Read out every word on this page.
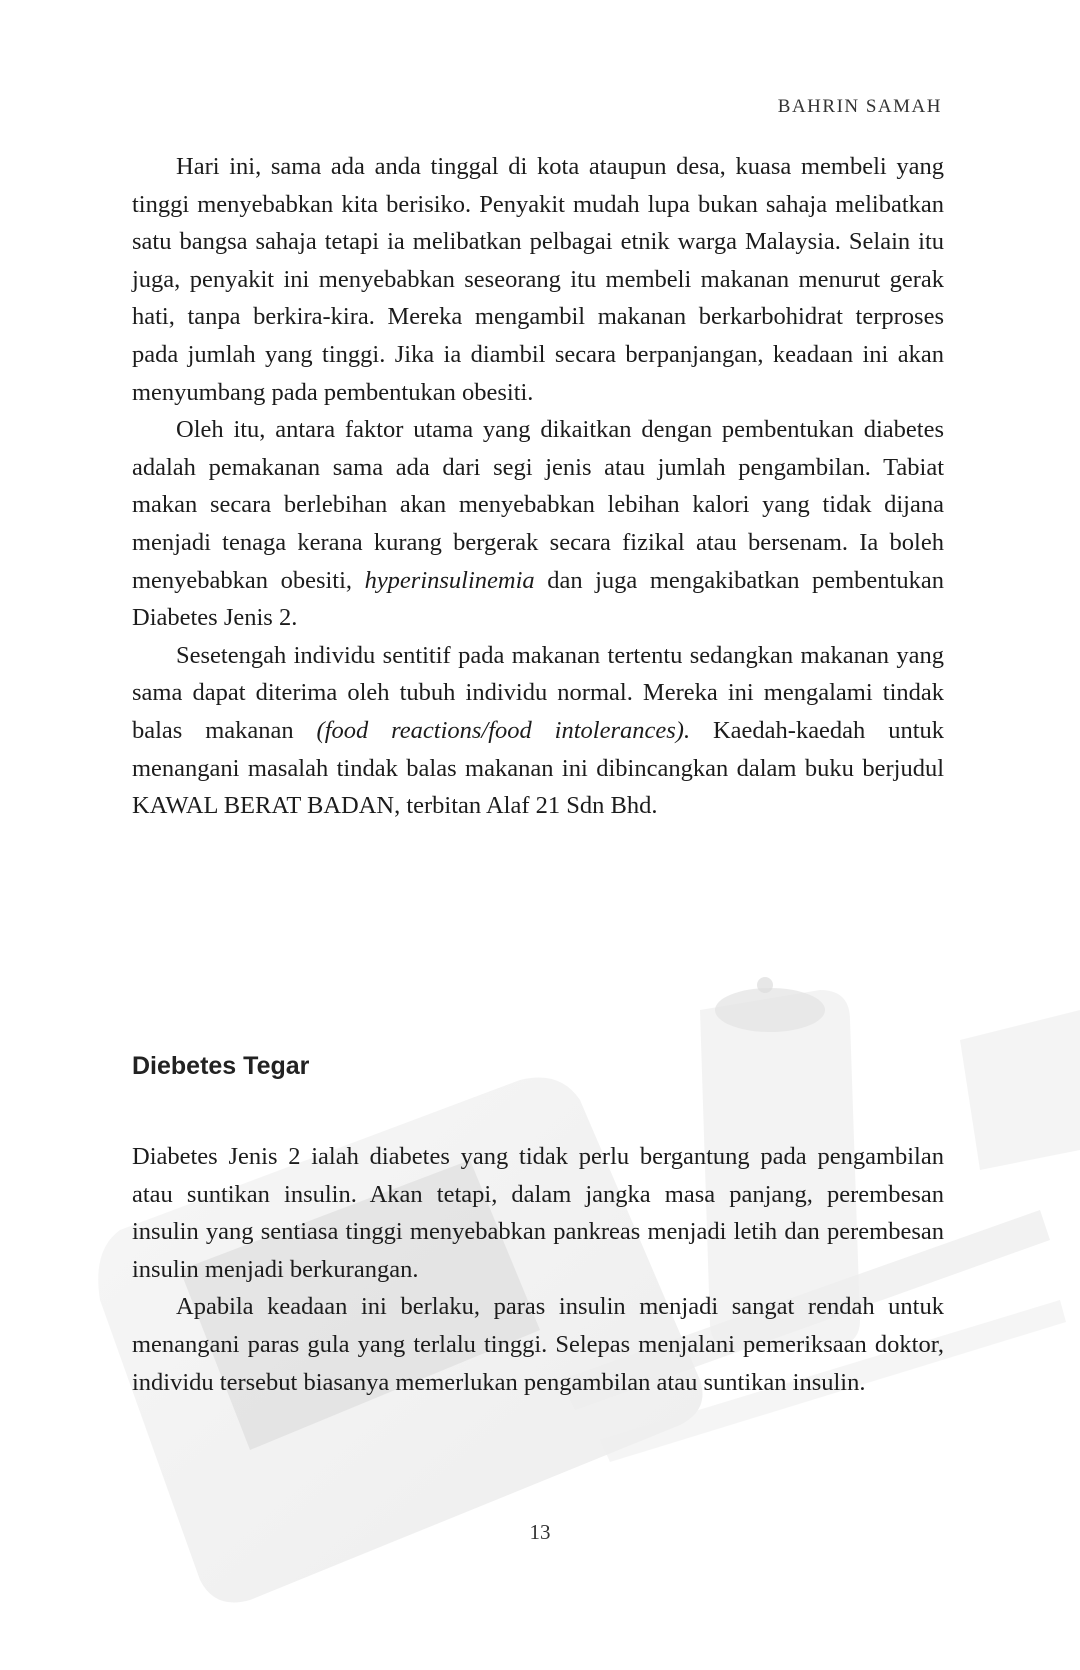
BAHRIN SAMAH

Hari ini, sama ada anda tinggal di kota ataupun desa, kuasa membeli yang tinggi menyebabkan kita berisiko. Penyakit mudah lupa bukan sahaja melibatkan satu bangsa sahaja tetapi ia melibatkan pelbagai etnik warga Malaysia. Selain itu juga, penyakit ini menyebabkan seseorang itu membeli makanan menurut gerak hati, tanpa berkira-kira. Mereka mengambil makanan berkarbohidrat terproses pada jumlah yang tinggi. Jika ia diambil secara berpanjangan, keadaan ini akan menyumbang pada pembentukan obesiti.

Oleh itu, antara faktor utama yang dikaitkan dengan pembentukan diabetes adalah pemakanan sama ada dari segi jenis atau jumlah pengambilan. Tabiat makan secara berlebihan akan menyebabkan lebihan kalori yang tidak dijana menjadi tenaga kerana kurang bergerak secara fizikal atau bersenam. Ia boleh menyebabkan obesiti, hyperinsulinemia dan juga mengakibatkan pembentukan Diabetes Jenis 2.

Sesetengah individu sentitif pada makanan tertentu sedangkan makanan yang sama dapat diterima oleh tubuh individu normal. Mereka ini mengalami tindak balas makanan (food reactions/food intolerances). Kaedah-kaedah untuk menangani masalah tindak balas makanan ini dibincangkan dalam buku berjudul KAWAL BERAT BADAN, terbitan Alaf 21 Sdn Bhd.

Diebetes Tegar

Diabetes Jenis 2 ialah diabetes yang tidak perlu bergantung pada pengambilan atau suntikan insulin. Akan tetapi, dalam jangka masa panjang, perembesan insulin yang sentiasa tinggi menyebabkan pankreas menjadi letih dan perembesan insulin menjadi berkurangan.

Apabila keadaan ini berlaku, paras insulin menjadi sangat rendah untuk menangani paras gula yang terlalu tinggi. Selepas menjalani pemeriksaan doktor, individu tersebut biasanya memerlukan pengambilan atau suntikan insulin.

13
